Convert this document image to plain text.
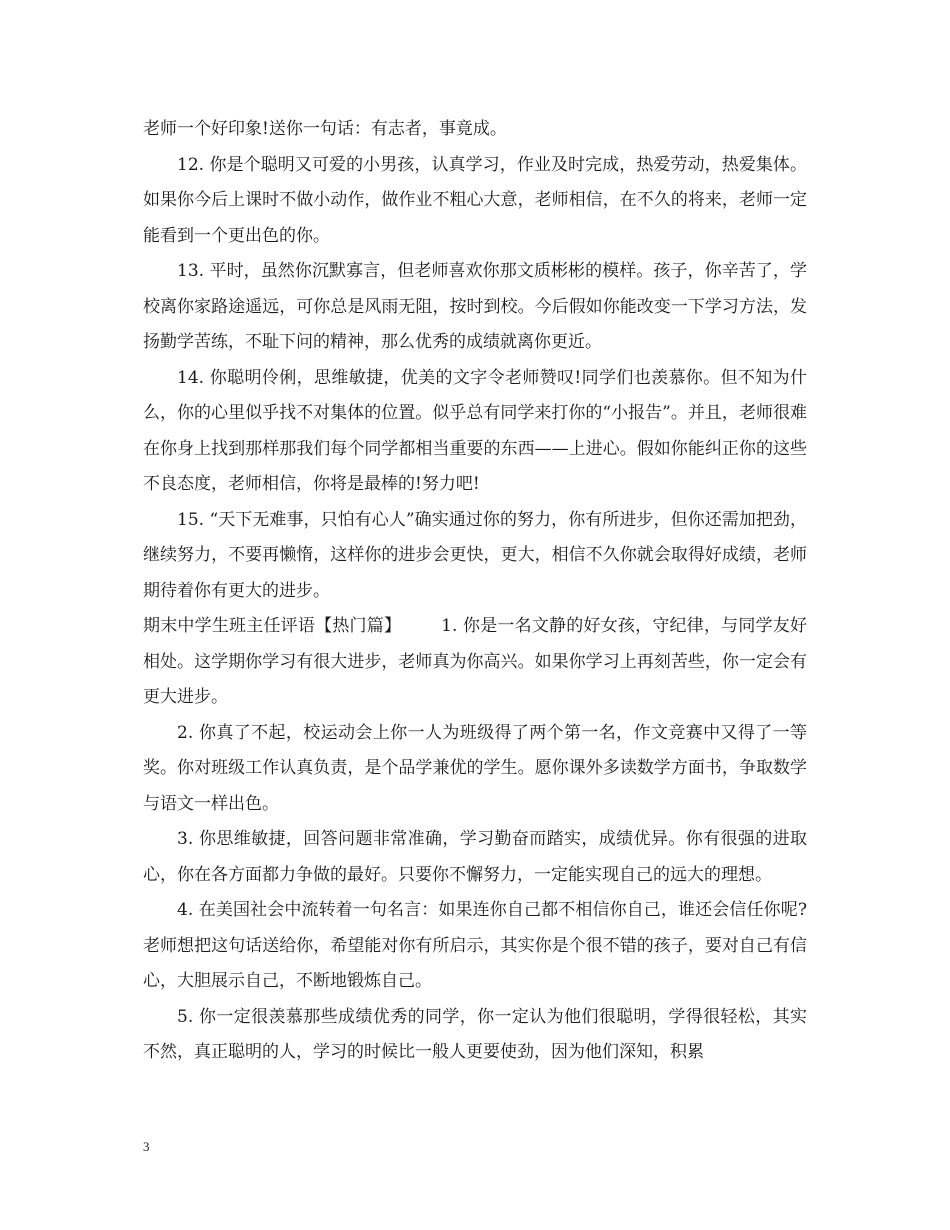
老师一个好印象!送你一句话：有志者，事竟成。

12. 你是个聪明又可爱的小男孩，认真学习，作业及时完成，热爱劳动，热爱集体。如果你今后上课时不做小动作，做作业不粗心大意，老师相信，在不久的将来，老师一定能看到一个更出色的你。

13. 平时，虽然你沉默寡言，但老师喜欢你那文质彬彬的模样。孩子，你辛苦了，学校离你家路途遥远，可你总是风雨无阻，按时到校。今后假如你能改变一下学习方法，发扬勤学苦练，不耻下问的精神，那么优秀的成绩就离你更近。

14. 你聪明伶俐，思维敏捷，优美的文字令老师赞叹!同学们也羡慕你。但不知为什么，你的心里似乎找不对集体的位置。似乎总有同学来打你的“小报告”。并且，老师很难在你身上找到那样那我们每个同学都相当重要的东西——上进心。假如你能纠正你的这些不良态度，老师相信，你将是最棒的!努力吧!

15. “天下无难事，只怕有心人”确实通过你的努力，你有所进步，但你还需加把劲，继续努力，不要再懒惰，这样你的进步会更快，更大，相信不久你就会取得好成绩，老师期待着你有更大的进步。

期末中学生班主任评语【热门篇】 1. 你是一名文静的好女孩，守纪律，与同学友好相处。这学期你学习有很大进步，老师真为你高兴。如果你学习上再刻苦些，你一定会有更大进步。

2. 你真了不起，校运动会上你一人为班级得了两个第一名，作文竞赛中又得了一等奖。你对班级工作认真负责，是个品学兼优的学生。愿你课外多读数学方面书，争取数学与语文一样出色。

3. 你思维敏捷，回答问题非常准确，学习勤奋而踏实，成绩优异。你有很强的进取心，你在各方面都力争做的最好。只要你不懈努力，一定能实现自己的远大的理想。

4. 在美国社会中流转着一句名言：如果连你自己都不相信你自己，谁还会信任你呢?老师想把这句话送给你，希望能对你有所启示，其实你是个很不错的孩子，要对自己有信心，大胆展示自己，不断地锻炼自己。

5. 你一定很羡慕那些成绩优秀的同学，你一定认为他们很聪明，学得很轻松，其实不然，真正聪明的人，学习的时候比一般人更要使劲，因为他们深知，积累

3
